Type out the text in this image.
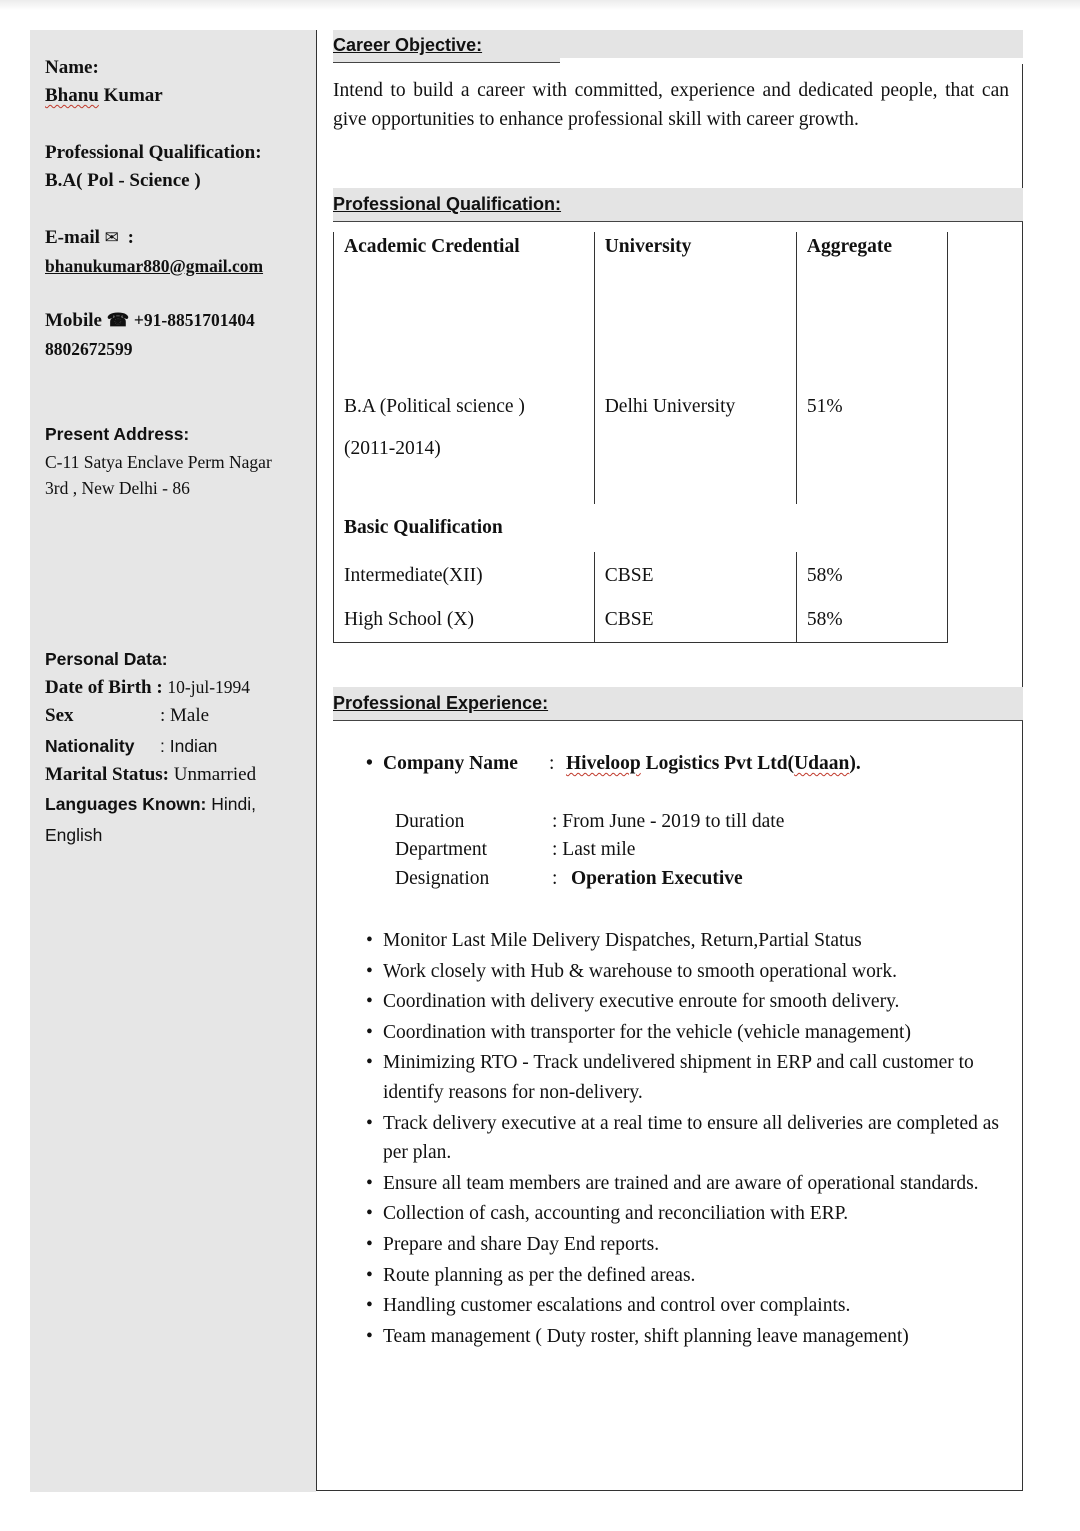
Name:
Bhanu Kumar
Professional Qualification:
B.A( Pol - Science )
E-mail ✉ :
bhanukumar880@gmail.com
Mobile ☎ +91-8851701404
8802672599
Present Address:
C-11 Satya Enclave Perm Nagar
3rd , New Delhi - 86
Personal Data:
Date of Birth : 10-jul-1994
Sex	: Male
Nationality : Indian
Marital Status: Unmarried
Languages Known: Hindi,
English
Career Objective:
Intend to build a career with committed, experience and dedicated people, that can give opportunities to enhance professional skill with career growth.
Professional Qualification:
Academic Credential	University	Aggregate

B.A (Political science )
(2011-2014)	Delhi University	51%
Basic Qualification		
Intermediate(XII)	CBSE	58%
High School (X)	CBSE	58%
Professional Experience:
• Company Name : Hiveloop Logistics Pvt Ltd(Udaan).
Duration	: From June - 2019 to till date
Department	: Last mile
Designation	: Operation Executive
• Monitor Last Mile Delivery Dispatches, Return,Partial Status
• Work closely with Hub & warehouse to smooth operational work.
• Coordination with delivery executive enroute for smooth delivery.
• Coordination with transporter for the vehicle (vehicle management)
• Minimizing RTO - Track undelivered shipment in ERP and call customer to identify reasons for non-delivery.
• Track delivery executive at a real time to ensure all deliveries are completed as per plan.
• Ensure all team members are trained and are aware of operational standards.
• Collection of cash, accounting and reconciliation with ERP.
• Prepare and share Day End reports.
• Route planning as per the defined areas.
• Handling customer escalations and control over complaints.
• Team management ( Duty roster, shift planning leave management)
